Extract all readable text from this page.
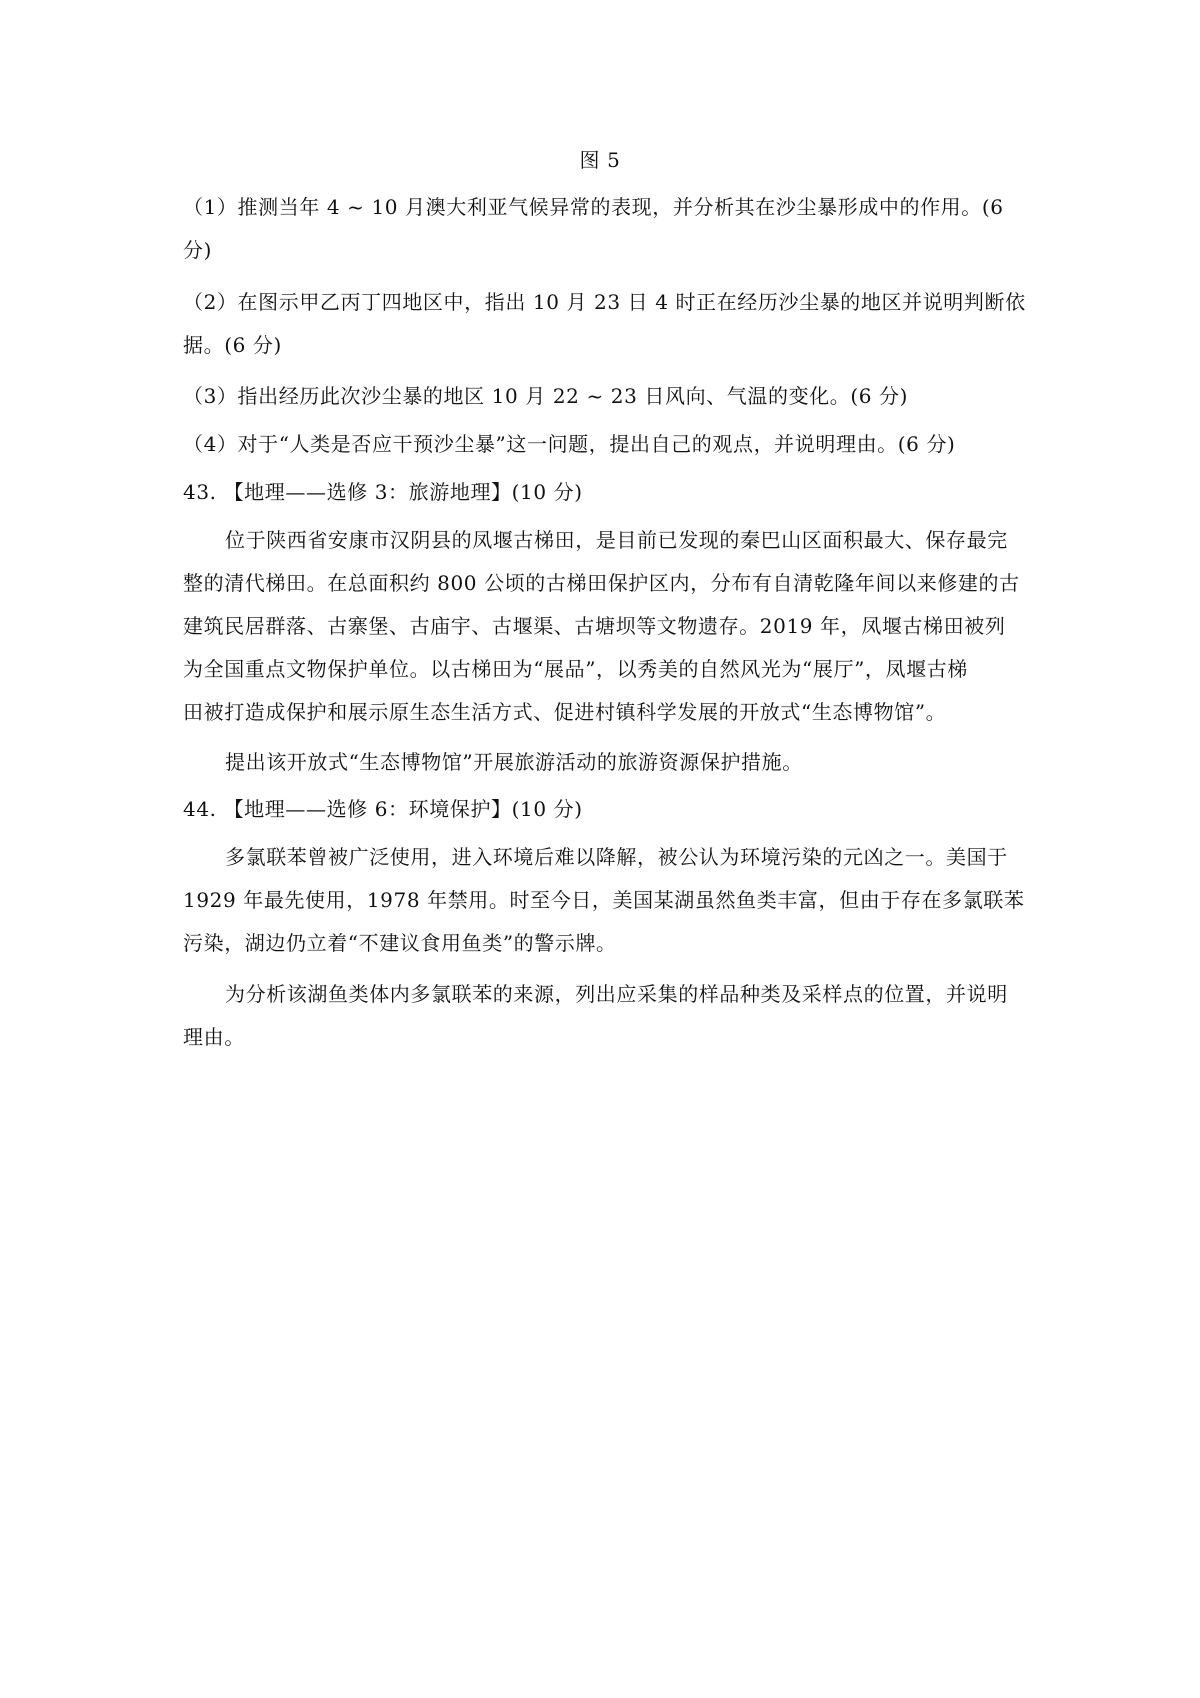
图 5
（1）推测当年 4 ~ 10 月澳大利亚气候异常的表现，并分析其在沙尘暴形成中的作用。(6
分)
（2）在图示甲乙丙丁四地区中，指出 10 月 23 日 4 时正在经历沙尘暴的地区并说明判断依
据。(6 分)
（3）指出经历此次沙尘暴的地区 10 月 22 ~ 23 日风向、气温的变化。(6 分)
（4）对于“人类是否应干预沙尘暴”这一问题，提出自己的观点，并说明理由。(6 分)
43. 【地理——选修 3：旅游地理】(10 分)
位于陕西省安康市汉阴县的凤堰古梯田，是目前已发现的秦巴山区面积最大、保存最完
整的清代梯田。在总面积约 800 公顷的古梯田保护区内，分布有自清乾隆年间以来修建的古
建筑民居群落、古寨堡、古庙宇、古堰渠、古塘坝等文物遗存。2019 年，凤堰古梯田被列
为全国重点文物保护单位。以古梯田为“展品”，以秀美的自然风光为“展厅”，凤堰古梯
田被打造成保护和展示原生态生活方式、促进村镇科学发展的开放式“生态博物馆”。
提出该开放式“生态博物馆”开展旅游活动的旅游资源保护措施。
44. 【地理——选修 6：环境保护】(10 分)
多氯联苯曾被广泛使用，进入环境后难以降解，被公认为环境污染的元凶之一。美国于
1929 年最先使用，1978 年禁用。时至今日，美国某湖虽然鱼类丰富，但由于存在多氯联苯
污染，湖边仍立着“不建议食用鱼类”的警示牌。
为分析该湖鱼类体内多氯联苯的来源，列出应采集的样品种类及采样点的位置，并说明
理由。
